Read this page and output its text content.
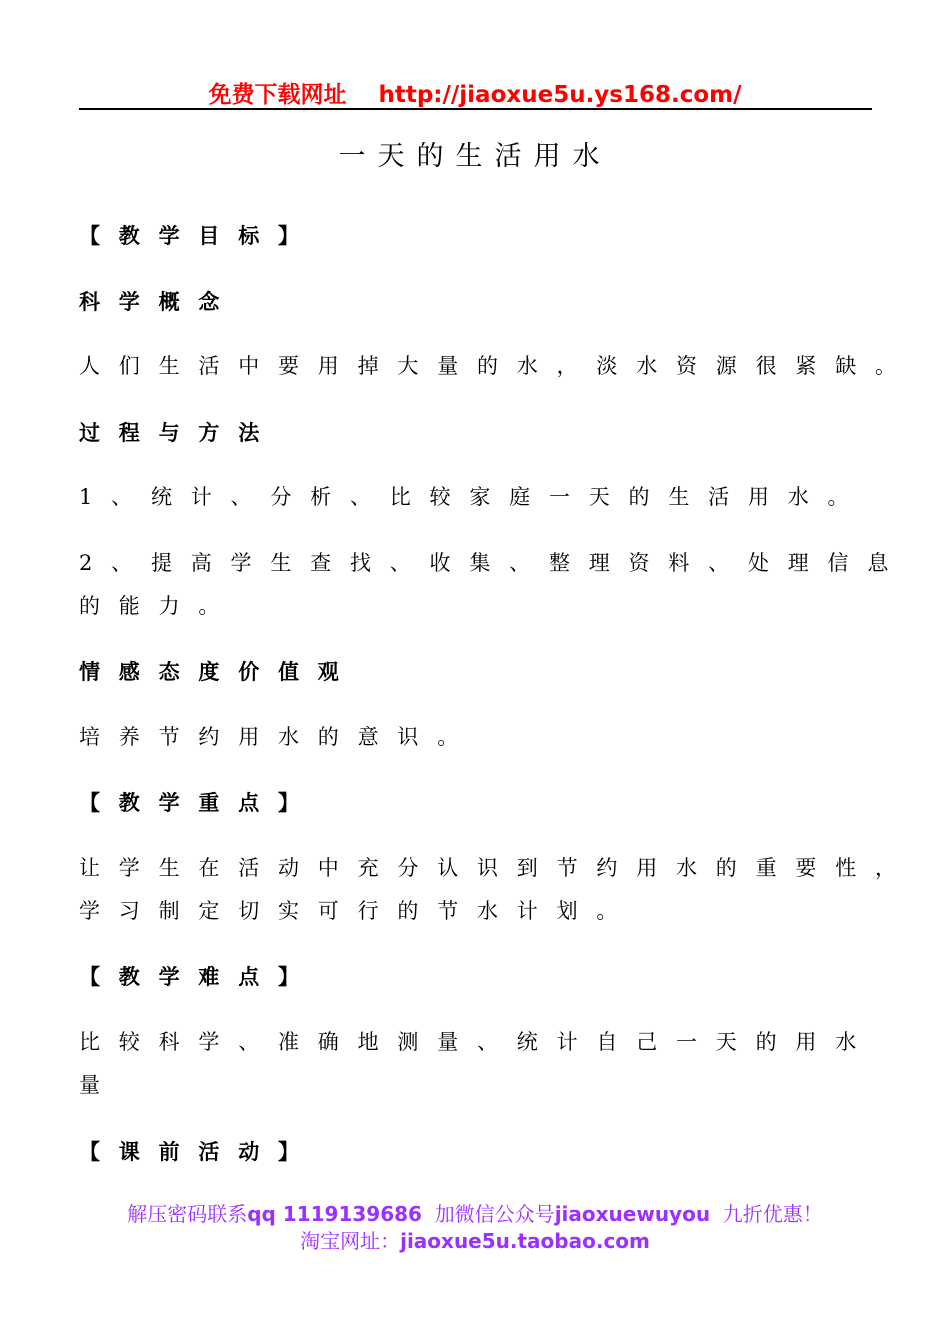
免费下载网址 http://jiaoxue5u.ys168.com/
一天的生活用水
【教学目标】
科学概念
人们生活中要用掉大量的水，淡水资源很紧缺。
过程与方法
1、统计、分析、比较家庭一天的生活用水。
2、提高学生查找、收集、整理资料、处理信息
的能力。
情感态度价值观
培养节约用水的意识。
【教学重点】
让学生在活动中充分认识到节约用水的重要性，
学习制定切实可行的节水计划。
【教学难点】
比较科学、准确地测量、统计自己一天的用水
量
【课前活动】
解压密码联系qq 1119139686 加微信公众号jiaoxuewuyou 九折优惠！
淘宝网址：jiaoxue5u.taobao.com
